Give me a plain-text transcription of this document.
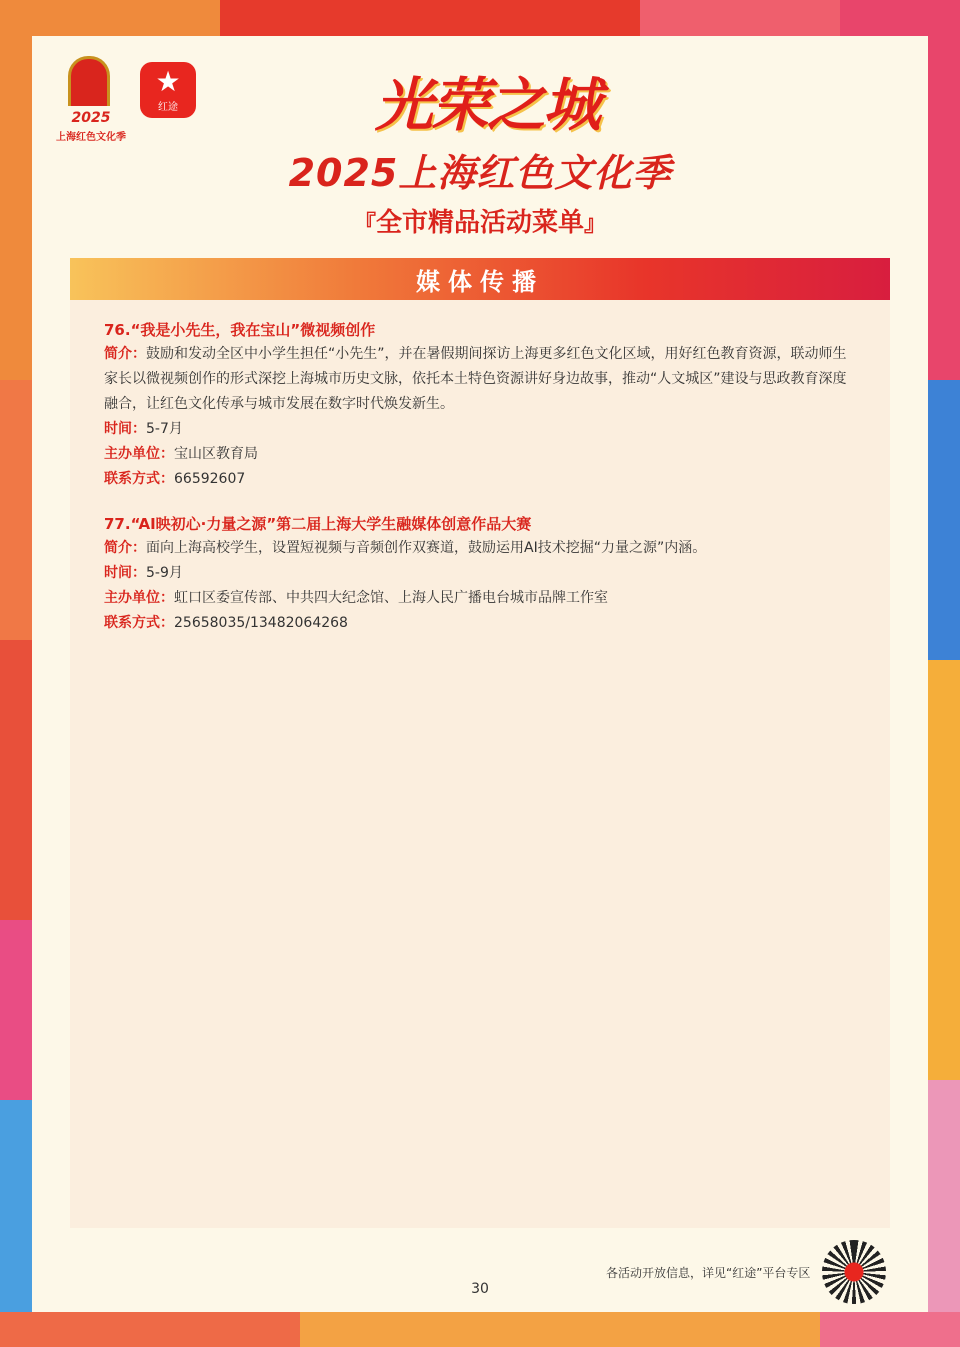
2025
上海红色文化季
★
红途	光荣之城
2025上海红色文化季
『全市精品活动菜单』
媒体传播
76.“我是小先生，我在宝山”微视频创作
简介：鼓励和发动全区中小学生担任“小先生”，并在暑假期间探访上海更多红色文化区域，用好红色教育资源，联动师生家长以微视频创作的形式深挖上海城市历史文脉，依托本土特色资源讲好身边故事，推动“人文城区”建设与思政教育深度融合，让红色文化传承与城市发展在数字时代焕发新生。
时间：5-7月
主办单位：宝山区教育局
联系方式：66592607
77.“AI映初心·力量之源”第二届上海大学生融媒体创意作品大赛
简介：面向上海高校学生，设置短视频与音频创作双赛道，鼓励运用AI技术挖掘“力量之源”内涵。
时间：5-9月
主办单位：虹口区委宣传部、中共四大纪念馆、上海人民广播电台城市品牌工作室
联系方式：25658035/13482064268
各活动开放信息，详见“红途”平台专区
30
